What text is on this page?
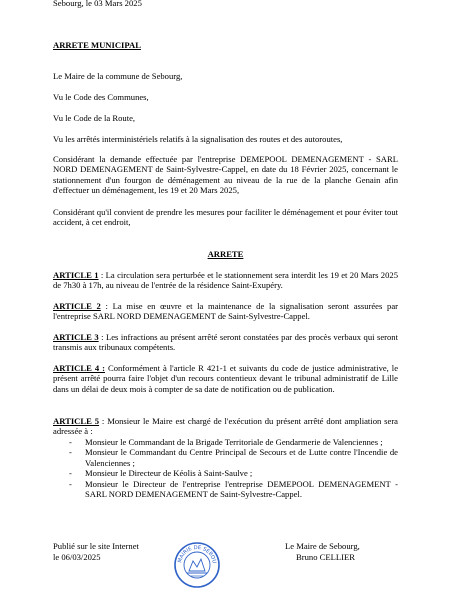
Sebourg, le 03 Mars 2025
ARRETE MUNICIPAL
Le Maire de la commune de Sebourg,
Vu le Code des Communes,
Vu le Code de la Route,
Vu les arrêtés interministériels relatifs à la signalisation des routes et des autoroutes,
Considérant la demande effectuée par l'entreprise DEMEPOOL DEMENAGEMENT - SARL NORD DEMENAGEMENT de Saint-Sylvestre-Cappel, en date du 18 Février 2025, concernant le stationnement d'un fourgon de déménagement au niveau de la rue de la planche Genain afin d'effectuer un déménagement, les 19 et 20 Mars 2025,
Considérant qu'il convient de prendre les mesures pour faciliter le déménagement et pour éviter tout accident, à cet endroit,
ARRETE
ARTICLE 1 : La circulation sera perturbée et le stationnement sera interdit les 19 et 20 Mars 2025 de 7h30 à 17h, au niveau de l'entrée de la résidence Saint-Exupéry.
ARTICLE 2 : La mise en œuvre et la maintenance de la signalisation seront assurées par l'entreprise SARL NORD DEMENAGEMENT de Saint-Sylvestre-Cappel.
ARTICLE 3 : Les infractions au présent arrêté seront constatées par des procès verbaux qui seront transmis aux tribunaux compétents.
ARTICLE 4 : Conformément à l'article R 421-1 et suivants du code de justice administrative, le présent arrêté pourra faire l'objet d'un recours contentieux devant le tribunal administratif de Lille dans un délai de deux mois à compter de sa date de notification ou de publication.
ARTICLE 5 : Monsieur le Maire est chargé de l'exécution du présent arrêté dont ampliation sera adressée à :
- Monsieur le Commandant de la Brigade Territoriale de Gendarmerie de Valenciennes ;
- Monsieur le Commandant du Centre Principal de Secours et de Lutte contre l'Incendie de Valenciennes ;
- Monsieur le Directeur de Kéolis à Saint-Saulve ;
- Monsieur le Directeur de l'entreprise l'entreprise DEMEPOOL DEMENAGEMENT - SARL NORD DEMENAGEMENT de Saint-Sylvestre-Cappel.
Publié sur le site Internet
le 06/03/2025	MAIRIE DE SEBOU
Le Maire de Sebourg,
Bruno CELLIER
